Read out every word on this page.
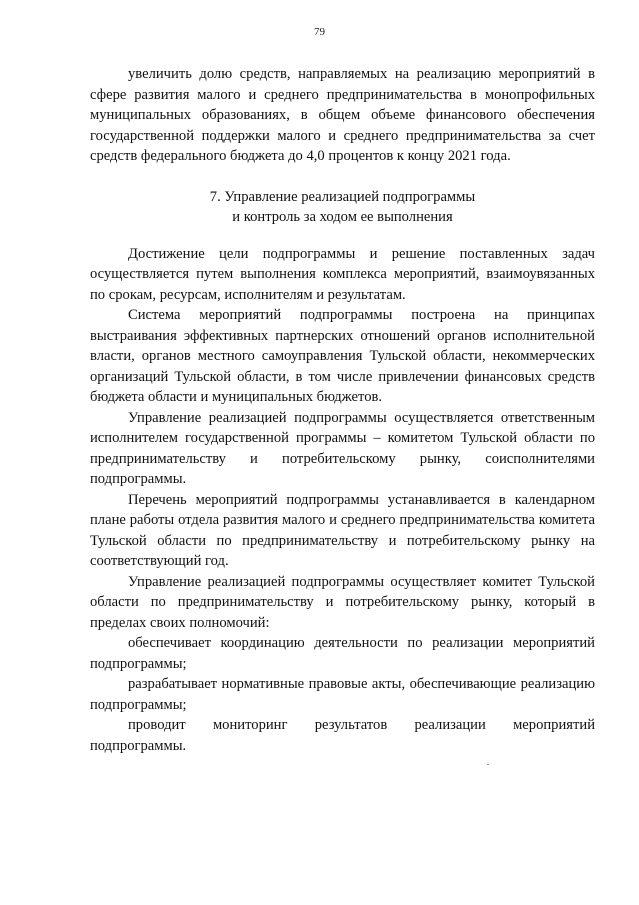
79

увеличить долю средств, направляемых на реализацию мероприятий в сфере развития малого и среднего предпринимательства в монопрофильных муниципальных образованиях, в общем объеме финансового обеспечения государственной поддержки малого и среднего предпринимательства за счет средств федерального бюджета до 4,0 процентов к концу 2021 года.

7. Управление реализацией подпрограммы
и контроль за ходом ее выполнения

Достижение цели подпрограммы и решение поставленных задач осуществляется путем выполнения комплекса мероприятий, взаимоувязанных по срокам, ресурсам, исполнителям и результатам.

Система мероприятий подпрограммы построена на принципах выстраивания эффективных партнерских отношений органов исполнительной власти, органов местного самоуправления Тульской области, некоммерческих организаций Тульской области, в том числе привлечении финансовых средств бюджета области и муниципальных бюджетов.

Управление реализацией подпрограммы осуществляется ответственным исполнителем государственной программы – комитетом Тульской области по предпринимательству и потребительскому рынку, соисполнителями подпрограммы.

Перечень мероприятий подпрограммы устанавливается в календарном плане работы отдела развития малого и среднего предпринимательства комитета Тульской области по предпринимательству и потребительскому рынку на соответствующий год.

Управление реализацией подпрограммы осуществляет комитет Тульской области по предпринимательству и потребительскому рынку, который в пределах своих полномочий:

обеспечивает координацию деятельности по реализации мероприятий подпрограммы;

разрабатывает нормативные правовые акты, обеспечивающие реализацию подпрограммы;

проводит мониторинг результатов реализации мероприятий подпрограммы.
